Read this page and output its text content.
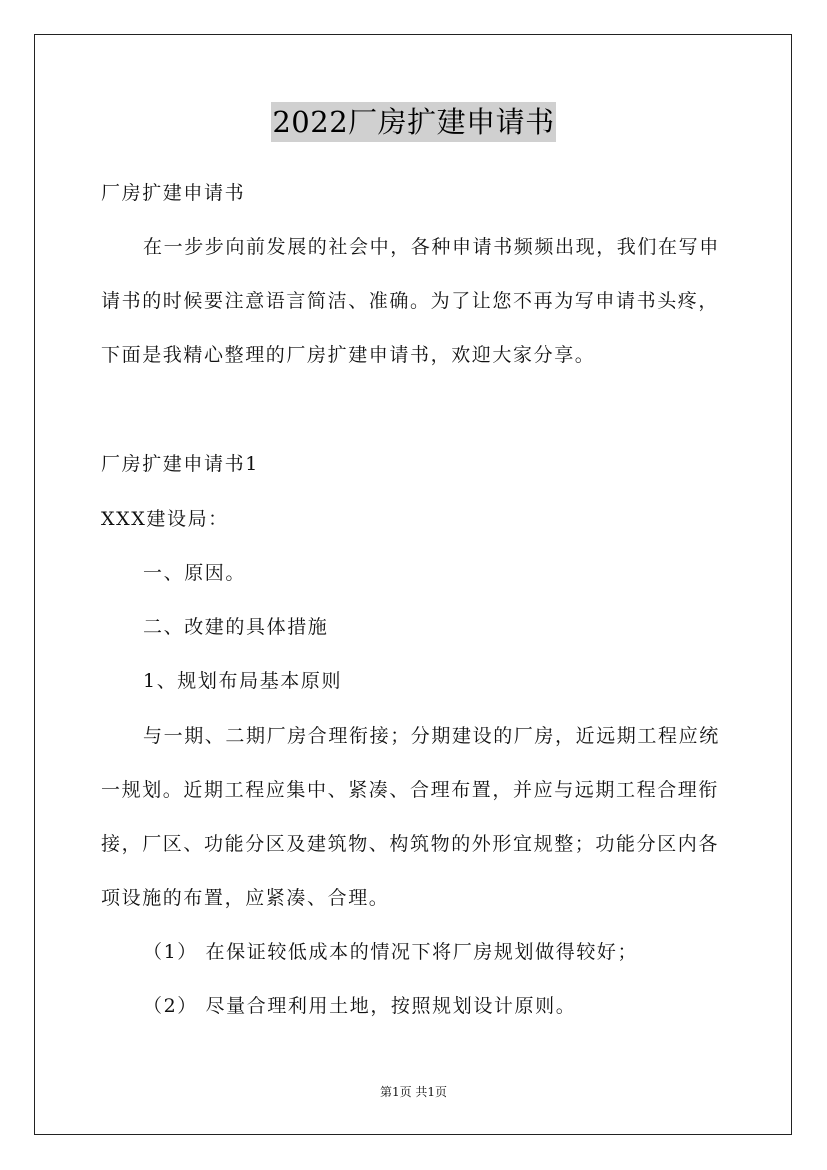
2022厂房扩建申请书
厂房扩建申请书
在一步步向前发展的社会中，各种申请书频频出现，我们在写申
请书的时候要注意语言简洁、准确。为了让您不再为写申请书头疼，
下面是我精心整理的厂房扩建申请书，欢迎大家分享。
厂房扩建申请书1
XXX建设局：
一、原因。
二、改建的具体措施
1、规划布局基本原则
与一期、二期厂房合理衔接；分期建设的厂房，近远期工程应统
一规划。近期工程应集中、紧凑、合理布置，并应与远期工程合理衔
接，厂区、功能分区及建筑物、构筑物的外形宜规整；功能分区内各
项设施的布置，应紧凑、合理。
（1） 在保证较低成本的情况下将厂房规划做得较好；
（2） 尽量合理利用土地，按照规划设计原则。
第1页 共1页
